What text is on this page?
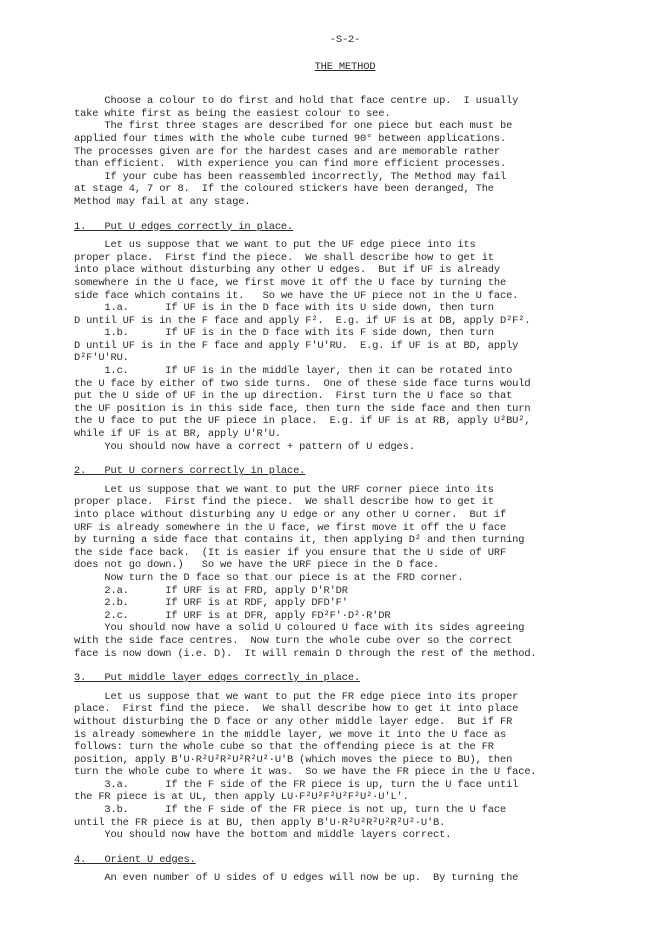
-S-2-
THE METHOD
Choose a colour to do first and hold that face centre up.  I usually
take white first as being the easiest colour to see.
The first three stages are described for one piece but each must be
applied four times with the whole cube turned 90° between applications.
The processes given are for the hardest cases and are memorable rather
than efficient.  With experience you can find more efficient processes.
If your cube has been reassembled incorrectly, The Method may fail
at stage 4, 7 or 8.  If the coloured stickers have been deranged, The
Method may fail at any stage.
1. Put U edges correctly in place.
Let us suppose that we want to put the UF edge piece into its
proper place.  First find the piece.  We shall describe how to get it
into place without disturbing any other U edges.  But if UF is already
somewhere in the U face, we first move it off the U face by turning the
side face which contains it.   So we have the UF piece not in the U face.
1.a.      If UF is in the D face with its U side down, then turn
D until UF is in the F face and apply F².  E.g. if UF is at DB, apply D²F².
1.b.      If UF is in the D face with its F side down, then turn
D until UF is in the F face and apply F'U'RU.  E.g. if UF is at BD, apply
D²F'U'RU.
1.c.      If UF is in the middle layer, then it can be rotated into
the U face by either of two side turns.  One of these side face turns would
put the U side of UF in the up direction.  First turn the U face so that
the UF position is in this side face, then turn the side face and then turn
the U face to put the UF piece in place.  E.g. if UF is at RB, apply U²BU²,
while if UF is at BR, apply U'R'U.
You should now have a correct + pattern of U edges.
2. Put U corners correctly in place.
Let us suppose that we want to put the URF corner piece into its
proper place.  First find the piece.  We shall describe how to get it
into place without disturbing any U edge or any other U corner.  But if
URF is already somewhere in the U face, we first move it off the U face
by turning a side face that contains it, then applying D² and then turning
the side face back.  (It is easier if you ensure that the U side of URF
does not go down.)   So we have the URF piece in the D face.
Now turn the D face so that our piece is at the FRD corner.
2.a.      If URF is at FRD, apply D'R'DR
2.b.      If URF is at RDF, apply DFD'F'
2.c.      If URF is at DFR, apply FD²F'·D²·R'DR
You should now have a solid U coloured U face with its sides agreeing
with the side face centres.  Now turn the whole cube over so the correct
face is now down (i.e. D).  It will remain D through the rest of the method.
3. Put middle layer edges correctly in place.
Let us suppose that we want to put the FR edge piece into its proper
place.  First find the piece.  We shall describe how to get it into place
without disturbing the D face or any other middle layer edge.  But if FR
is already somewhere in the middle layer, we move it into the U face as
follows: turn the whole cube so that the offending piece is at the FR
position, apply B'U·R²U²R²U²R²U²·U'B (which moves the piece to BU), then
turn the whole cube to where it was.  So we have the FR piece in the U face.
3.a.      If the F side of the FR piece is up, turn the U face until
the FR piece is at UL, then apply LU·F²U²F²U²F²U²·U'L'.
3.b.      If the F side of the FR piece is not up, turn the U face
until the FR piece is at BU, then apply B'U·R²U²R²U²R²U²·U'B.
You should now have the bottom and middle layers correct.
4. Orient U edges.
An even number of U sides of U edges will now be up.  By turning the
